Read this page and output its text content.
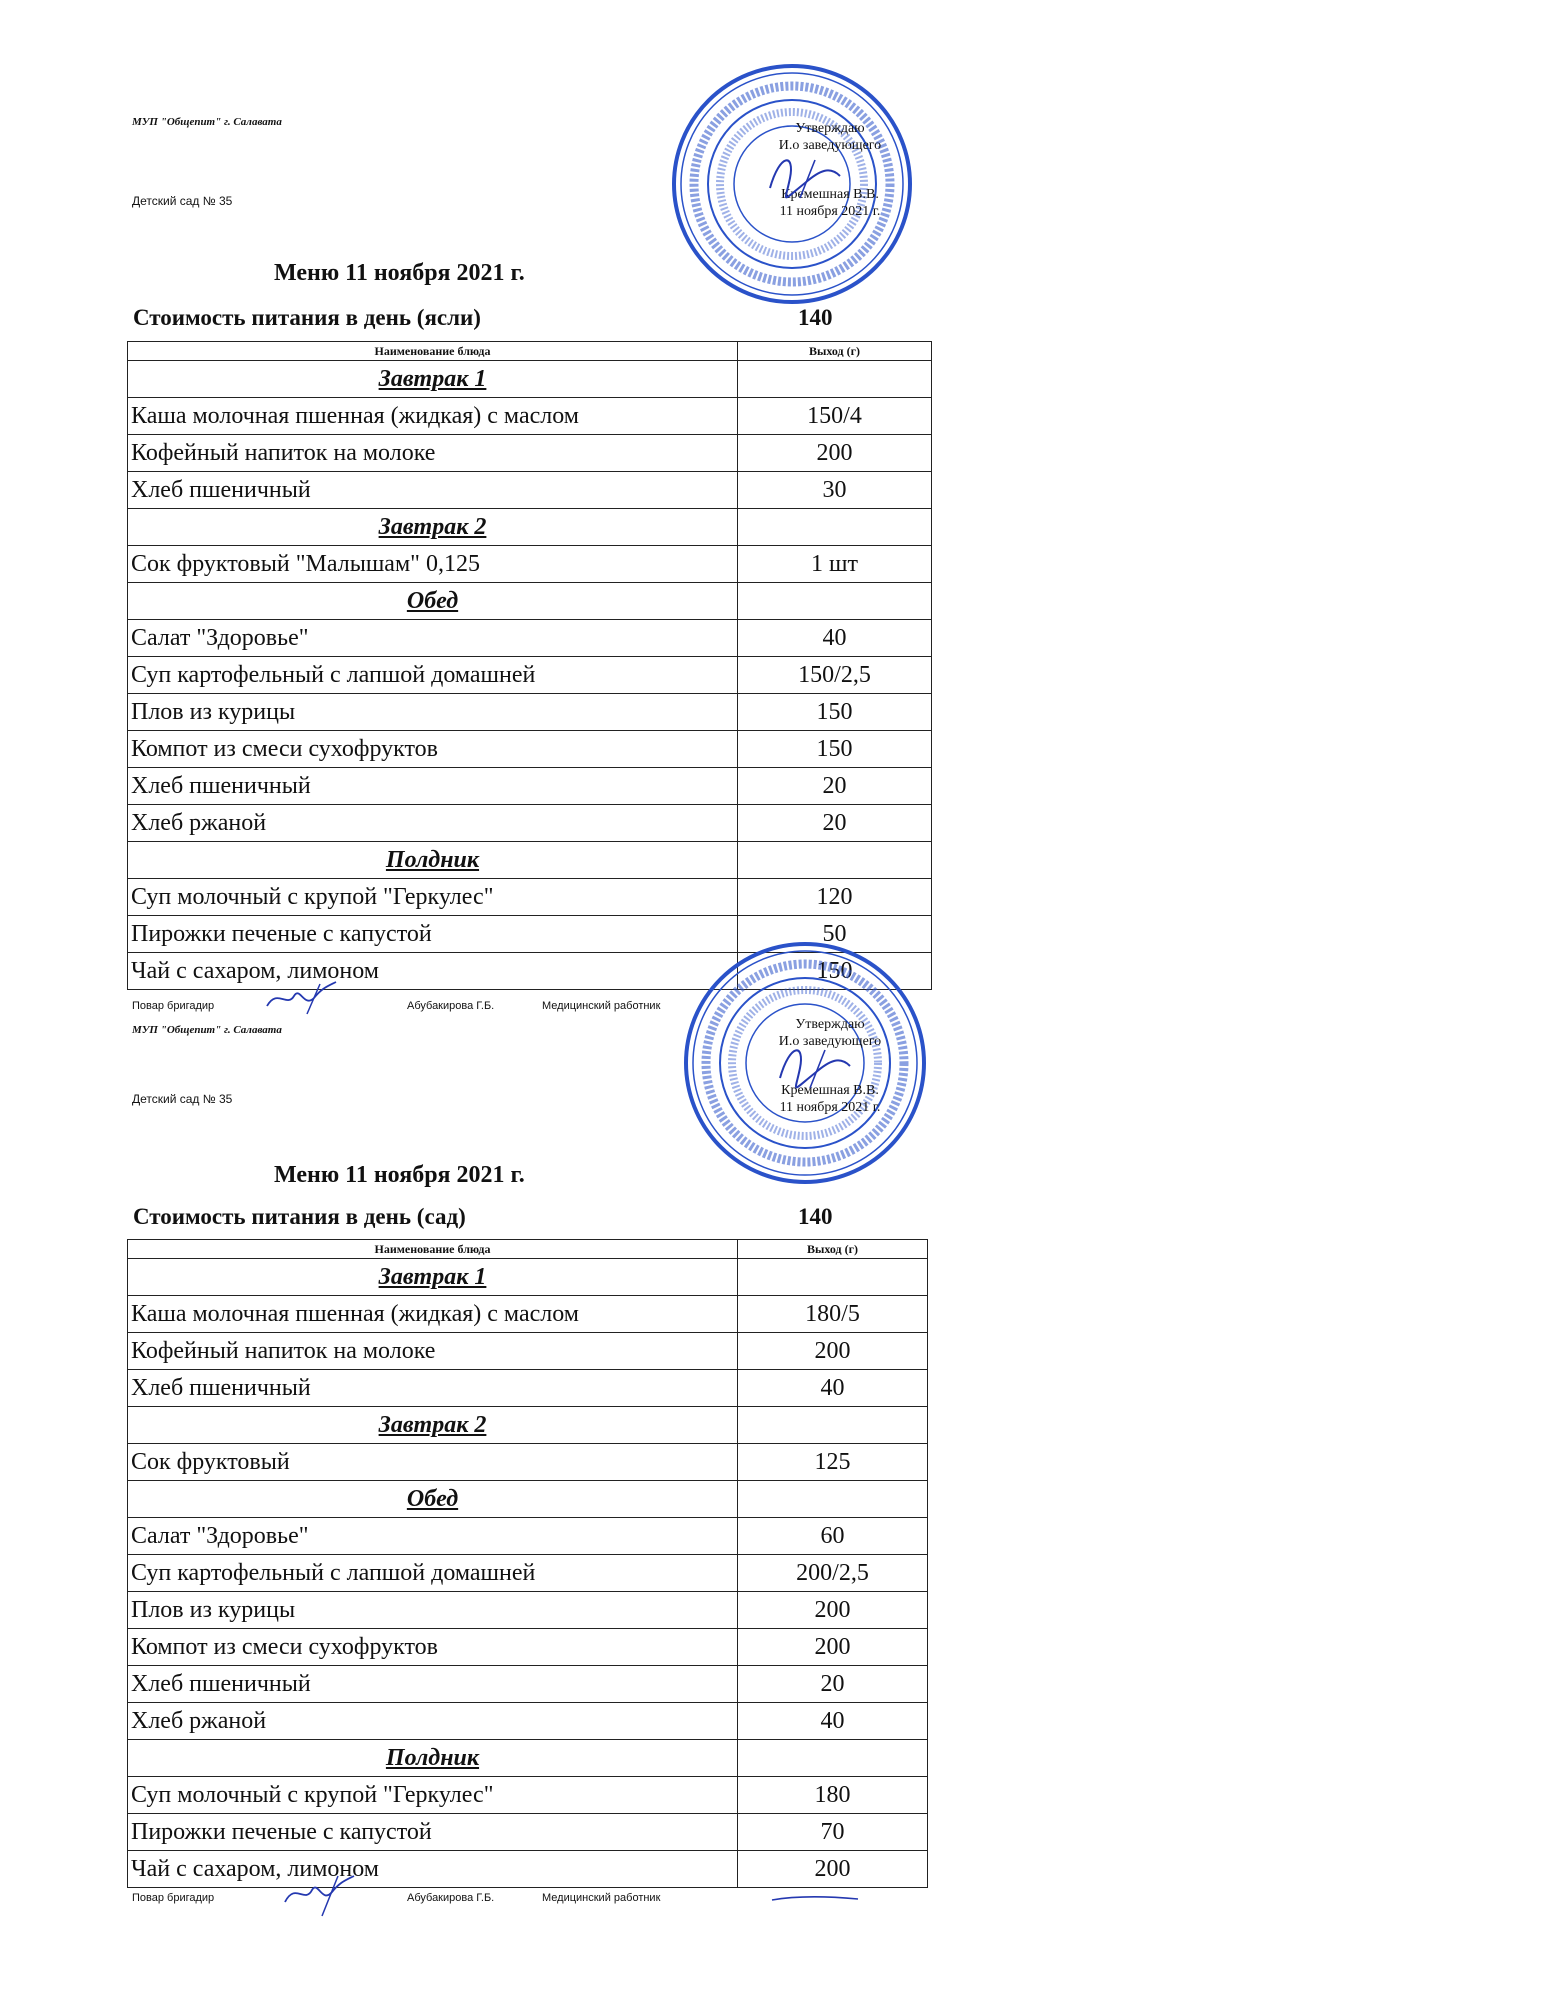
МУП "Общепит" г. Салавата
Детский сад № 35
Утверждаю
И.о заведующего
Кремешная В.В.
11 ноября 2021 г.
Меню 11 ноября 2021 г.
Стоимость питания в день (ясли)	140
Наименование блюда	Выход (г)
Завтрак 1	
Каша молочная пшенная (жидкая) с маслом	150/4
Кофейный напиток на молоке	200
Хлеб пшеничный	30
Завтрак 2	
Сок фруктовый "Малышам" 0,125	1 шт
Обед	
Салат "Здоровье"	40
Суп картофельный с лапшой домашней	150/2,5
Плов из курицы	150
Компот из смеси сухофруктов	150
Хлеб пшеничный	20
Хлеб ржаной	20
Полдник	
Суп молочный с крупой "Геркулес"	120
Пирожки печеные с капустой	50
Чай с сахаром, лимоном	150
Повар бригадир	Абубакирова Г.Б.	Медицинский работник
МУП "Общепит" г. Салавата
Детский сад № 35
Утверждаю
И.о заведующего
Кремешная В.В.
11 ноября 2021 г.
Меню 11 ноября 2021 г.
Стоимость питания в день (сад)	140
Наименование блюда	Выход (г)
Завтрак 1	
Каша молочная пшенная (жидкая) с маслом	180/5
Кофейный напиток на молоке	200
Хлеб пшеничный	40
Завтрак 2	
Сок фруктовый	125
Обед	
Салат "Здоровье"	60
Суп картофельный с лапшой домашней	200/2,5
Плов из курицы	200
Компот из смеси сухофруктов	200
Хлеб пшеничный	20
Хлеб ржаной	40
Полдник	
Суп молочный с крупой "Геркулес"	180
Пирожки печеные с капустой	70
Чай с сахаром, лимоном	200
Повар бригадир	Абубакирова Г.Б.	Медицинский работник
